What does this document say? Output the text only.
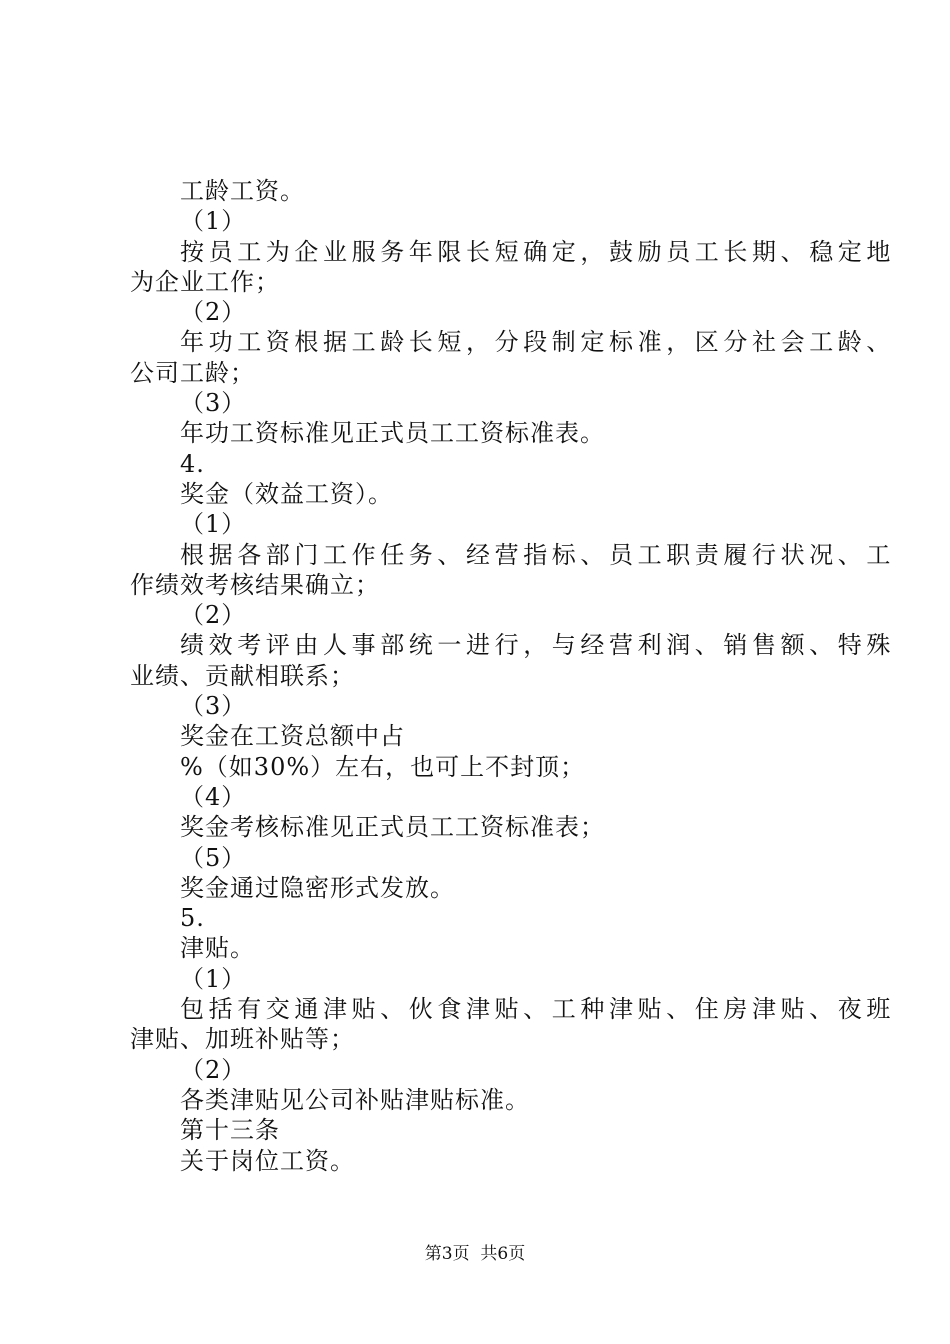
工龄工资。
（1）
按员工为企业服务年限长短确定，鼓励员工长期、稳定地
为企业工作；
（2）
年功工资根据工龄长短，分段制定标准，区分社会工龄、
公司工龄；
（3）
年功工资标准见正式员工工资标准表。
4.
奖金（效益工资）。
（1）
根据各部门工作任务、经营指标、员工职责履行状况、工
作绩效考核结果确立；
（2）
绩效考评由人事部统一进行，与经营利润、销售额、特殊
业绩、贡献相联系；
（3）
奖金在工资总额中占
%（如30%）左右，也可上不封顶；
（4）
奖金考核标准见正式员工工资标准表；
（5）
奖金通过隐密形式发放。
5.
津贴。
（1）
包括有交通津贴、伙食津贴、工种津贴、住房津贴、夜班
津贴、加班补贴等；
（2）
各类津贴见公司补贴津贴标准。
第十三条
关于岗位工资。
第3页  共6页
